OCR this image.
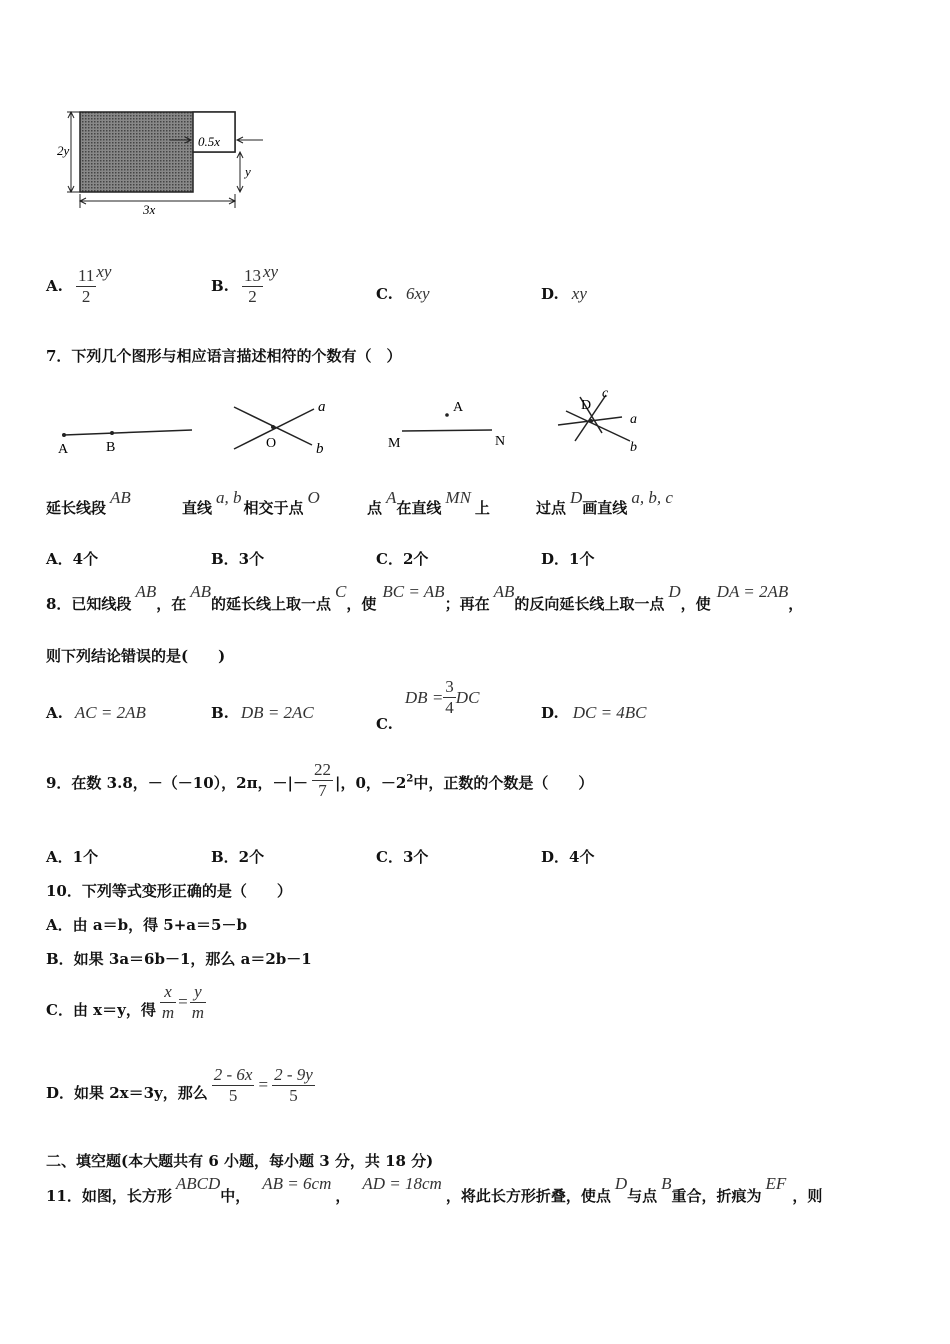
2y
0.5x
y
3x
A. $\frac{11}{2}$ xy
B. $\frac{13}{2}$ xy
C. 6xy	D. xy
7．下列几个图形与相应语言描述相符的个数有（　）
A	B
a
b
O
A
M	N
D
c
a
b
延长线段AB
直线a, b相交于点O
点A在直线MN上	过点D画直线a, b, c
A．4个	B．3个	C．2个	D．1个
8．已知线段AB，在AB的延长线上取一点C，使BC = AB；再在AB的反向延长线上取一点D，使DA = 2AB，
则下列结论错误的是(　　)
A. AC = 2AB	B. DB = 2AC
$C.DB = \frac{3}{4}$ DC
D. DC = 4BC
9．在数 3.8，－（－10），2π，－|－ $\frac{22}{7}$ |，0，$-2^2$中，正数的个数是（　　）
A．1个	B．2个	C．3个	D．4个
10．下列等式变形正确的是（　　）
A．由 a＝b，得 5+a＝5－b
B．如果 3a＝6b－1，那么 a＝2b－1
C．由 x＝y，得 $\frac{x}{m} = \frac{y}{m}$
D．如果 2x＝3y，那么 $\frac{2 - 6x}{5} = \frac{2 - 9y}{5}$
二、填空题(本大题共有 6 小题，每小题 3 分，共 18 分)
11．如图，长方形ABCD中，AB = 6cm，AD = 18cm，将此长方形折叠，使点D与点B重合，折痕为EF，则
